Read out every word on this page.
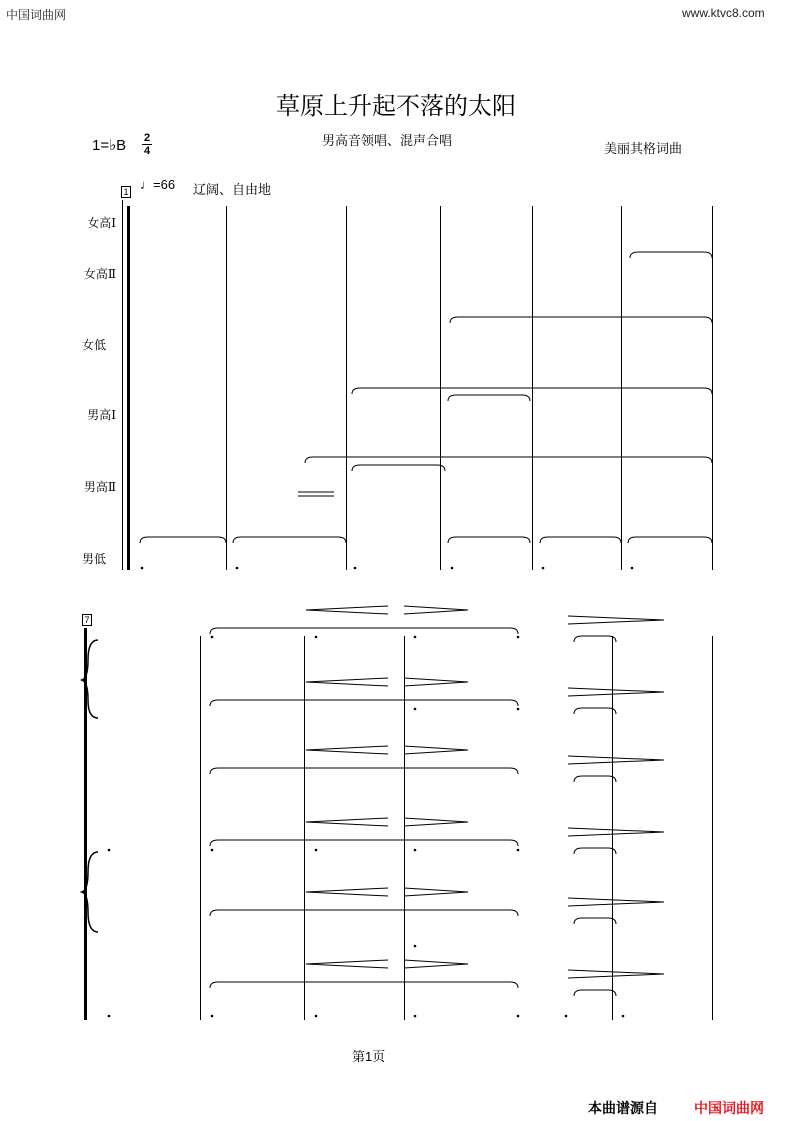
中国词曲网	www.ktvc8.com
草原上升起不落的太阳
男高音领唱、混声合唱
美丽其格词曲
1=♭B $\frac{2}{4}$
1 ♩=66 辽阔、自由地
女高Ⅰ
女高Ⅱ
女低
男高Ⅰ
男高Ⅱ
男低
7
第1页
本曲谱源自	中国词曲网
